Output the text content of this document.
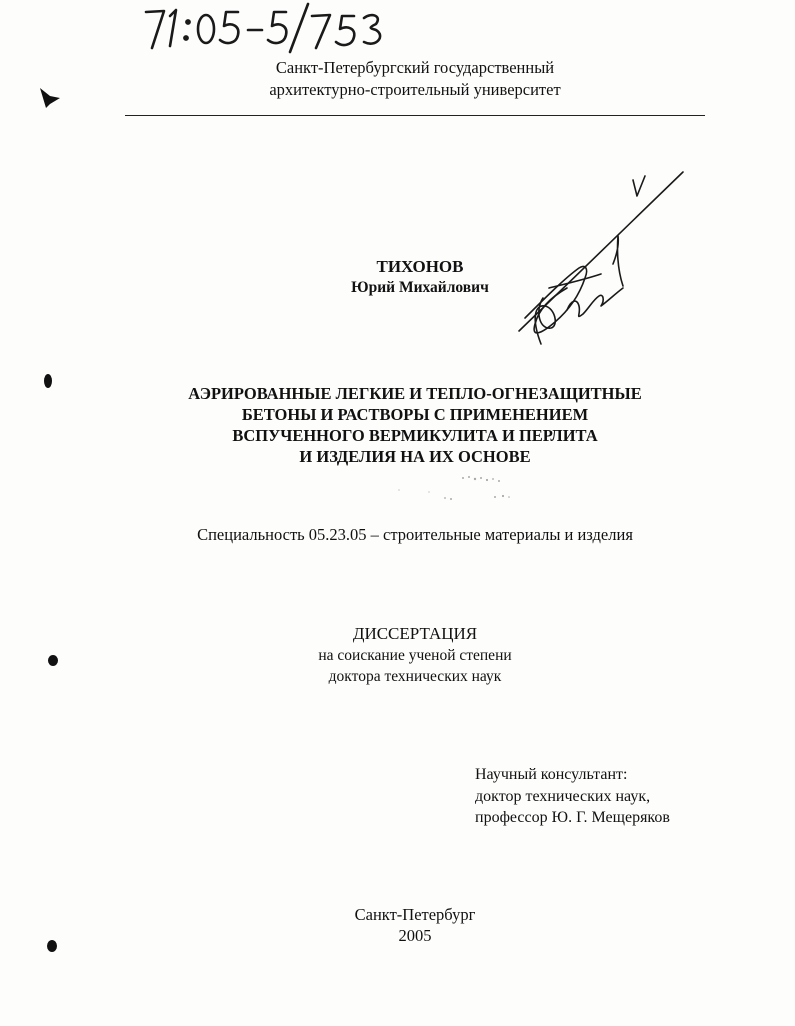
Санкт-Петербургский государственный
архитектурно-строительный университет
ТИХОНОВ
Юрий Михайлович
АЭРИРОВАННЫЕ ЛЕГКИЕ И ТЕПЛО-ОГНЕЗАЩИТНЫЕ
БЕТОНЫ И РАСТВОРЫ С ПРИМЕНЕНИЕМ
ВСПУЧЕННОГО ВЕРМИКУЛИТА И ПЕРЛИТА
И ИЗДЕЛИЯ НА ИХ ОСНОВЕ
Специальность 05.23.05 – строительные материалы и изделия
ДИССЕРТАЦИЯ
на соискание ученой степени
доктора технических наук
Научный консультант:
доктор технических наук,
профессор Ю. Г. Мещеряков
Санкт-Петербург
2005
